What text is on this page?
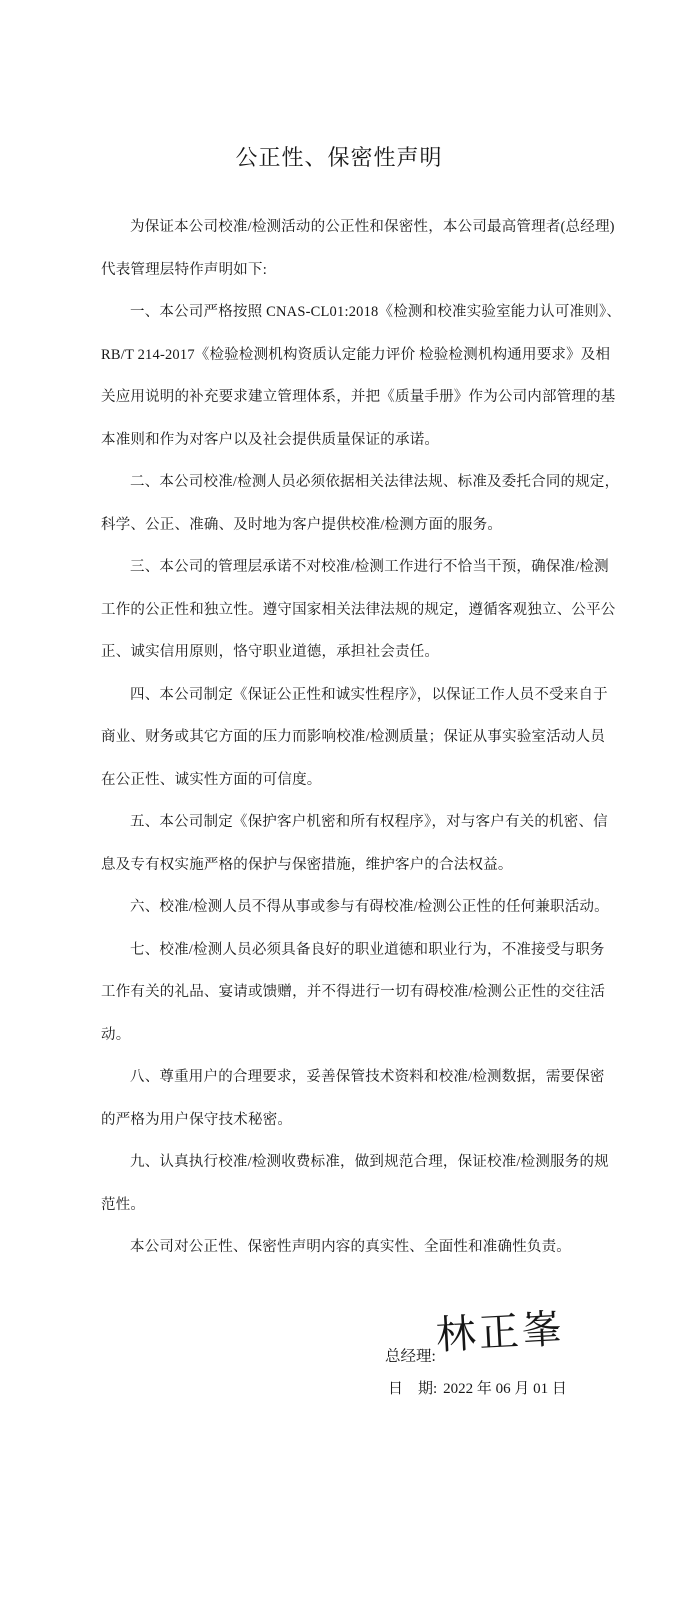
公正性、保密性声明
为保证本公司校准/检测活动的公正性和保密性，本公司最高管理者(总经理)
代表管理层特作声明如下:
一、本公司严格按照 CNAS-CL01:2018《检测和校准实验室能力认可准则》、
RB/T 214-2017《检验检测机构资质认定能力评价 检验检测机构通用要求》及相
关应用说明的补充要求建立管理体系，并把《质量手册》作为公司内部管理的基
本准则和作为对客户以及社会提供质量保证的承诺。
二、本公司校准/检测人员必须依据相关法律法规、标准及委托合同的规定，
科学、公正、准确、及时地为客户提供校准/检测方面的服务。
三、本公司的管理层承诺不对校准/检测工作进行不恰当干预，确保准/检测
工作的公正性和独立性。遵守国家相关法律法规的规定，遵循客观独立、公平公
正、诚实信用原则，恪守职业道德，承担社会责任。
四、本公司制定《保证公正性和诚实性程序》，以保证工作人员不受来自于
商业、财务或其它方面的压力而影响校准/检测质量；保证从事实验室活动人员
在公正性、诚实性方面的可信度。
五、本公司制定《保护客户机密和所有权程序》，对与客户有关的机密、信
息及专有权实施严格的保护与保密措施，维护客户的合法权益。
六、校准/检测人员不得从事或参与有碍校准/检测公正性的任何兼职活动。
七、校准/检测人员必须具备良好的职业道德和职业行为，不准接受与职务
工作有关的礼品、宴请或馈赠，并不得进行一切有碍校准/检测公正性的交往活
动。
八、尊重用户的合理要求，妥善保管技术资料和校准/检测数据，需要保密
的严格为用户保守技术秘密。
九、认真执行校准/检测收费标准，做到规范合理，保证校准/检测服务的规
范性。
本公司对公正性、保密性声明内容的真实性、全面性和准确性负责。
总经理:
林正峯
日　期: 2022 年 06 月 01 日
